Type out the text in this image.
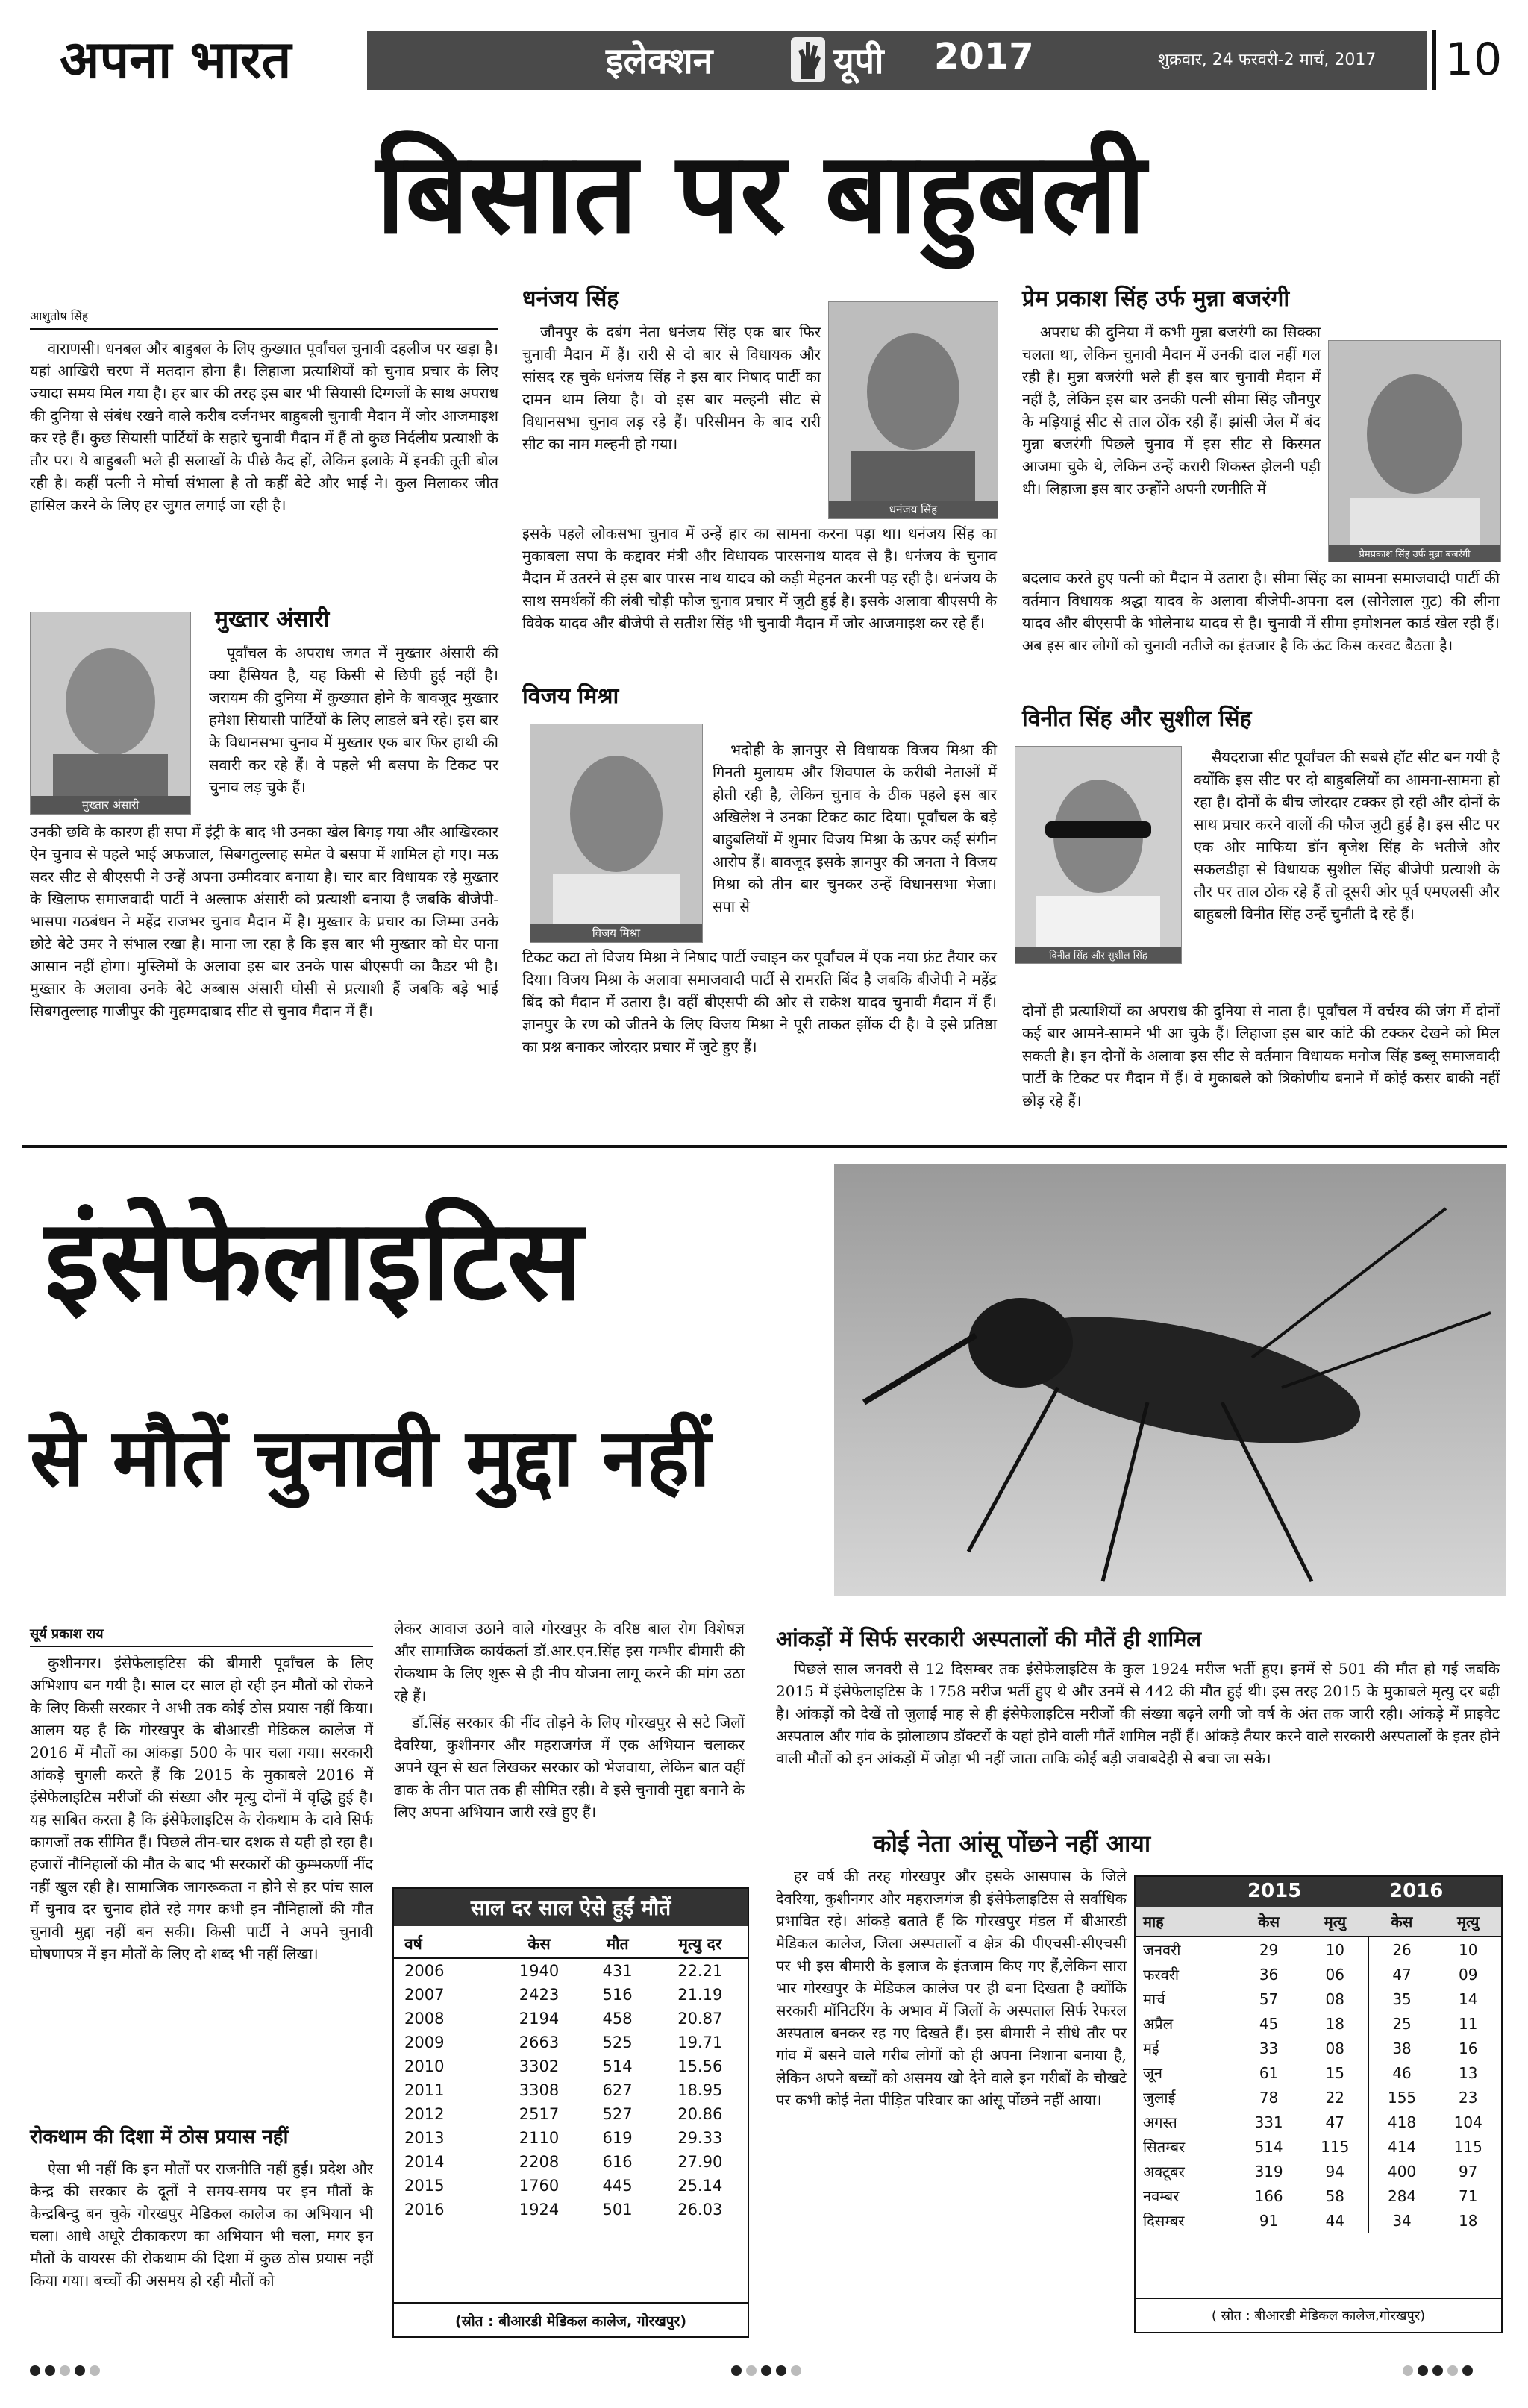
अपना भारत	इलेक्शन	यूपी 2017	शुक्रवार, 24 फरवरी-2 मार्च, 2017 10
बिसात पर बाहुबली
आशुतोष सिंह

वाराणसी। धनबल और बाहुबल के लिए कुख्यात पूर्वांचल चुनावी दहलीज पर खड़ा है। यहां आखिरी चरण में मतदान होना है। लिहाजा प्रत्याशियों को चुनाव प्रचार के लिए ज्यादा समय मिल गया है। हर बार की तरह इस बार भी सियासी दिग्गजों के साथ अपराध की दुनिया से संबंध रखने वाले करीब दर्जनभर बाहुबली चुनावी मैदान में जोर आजमाइश कर रहे हैं। कुछ सियासी पार्टियों के सहारे चुनावी मैदान में हैं तो कुछ निर्दलीय प्रत्याशी के तौर पर। ये बाहुबली भले ही सलाखों के पीछे कैद हों, लेकिन इलाके में इनकी तूती बोल रही है। कहीं पत्नी ने मोर्चा संभाला है तो कहीं बेटे और भाई ने। कुल मिलाकर जीत हासिल करने के लिए हर जुगत लगाई जा रही है।

मुख्तार अंसारी
मुख्तार अंसारी

पूर्वांचल के अपराध जगत में मुख्तार अंसारी की क्या हैसियत है, यह किसी से छिपी हुई नहीं है। जरायम की दुनिया में कुख्यात होने के बावजूद मुख्तार हमेशा सियासी पार्टियों के लिए लाडले बने रहे। इस बार के विधानसभा चुनाव में मुख्तार एक बार फिर हाथी की सवारी कर रहे हैं। वे पहले भी बसपा के टिकट पर चुनाव लड़ चुके हैं।

उनकी छवि के कारण ही सपा में इंट्री के बाद भी उनका खेल बिगड़ गया और आखिरकार ऐन चुनाव से पहले भाई अफजाल, सिबगतुल्लाह समेत वे बसपा में शामिल हो गए। मऊ सदर सीट से बीएसपी ने उन्हें अपना उम्मीदवार बनाया है। चार बार विधायक रहे मुख्तार के खिलाफ समाजवादी पार्टी ने अल्ताफ अंसारी को प्रत्याशी बनाया है जबकि बीजेपी-भासपा गठबंधन ने महेंद्र राजभर चुनाव मैदान में है। मुख्तार के प्रचार का जिम्मा उनके छोटे बेटे उमर ने संभाल रखा है। माना जा रहा है कि इस बार भी मुख्तार को घेर पाना आसान नहीं होगा। मुस्लिमों के अलावा इस बार उनके पास बीएसपी का कैडर भी है। मुख्तार के अलावा उनके बेटे अब्बास अंसारी घोसी से प्रत्याशी हैं जबकि बड़े भाई सिबगतुल्लाह गाजीपुर की मुहम्मदाबाद सीट से चुनाव मैदान में हैं।

धनंजय सिंह

जौनपुर के दबंग नेता धनंजय सिंह एक बार फिर चुनावी मैदान में हैं। रारी से दो बार से विधायक और सांसद रह चुके धनंजय सिंह ने इस बार निषाद पार्टी का दामन थाम लिया है। वो इस बार मल्हनी सीट से विधानसभा चुनाव लड़ रहे हैं। परिसीमन के बाद रारी सीट का नाम मल्हनी हो गया।

धनंजय सिंह

इसके पहले लोकसभा चुनाव में उन्हें हार का सामना करना पड़ा था। धनंजय सिंह का मुकाबला सपा के कद्दावर मंत्री और विधायक पारसनाथ यादव से है। धनंजय के चुनाव मैदान में उतरने से इस बार पारस नाथ यादव को कड़ी मेहनत करनी पड़ रही है। धनंजय के साथ समर्थकों की लंबी चौड़ी फौज चुनाव प्रचार में जुटी हुई है। इसके अलावा बीएसपी के विवेक यादव और बीजेपी से सतीश सिंह भी चुनावी मैदान में जोर आजमाइश कर रहे हैं।

विजय मिश्रा
विजय मिश्रा

भदोही के ज्ञानपुर से विधायक विजय मिश्रा की गिनती मुलायम और शिवपाल के करीबी नेताओं में होती रही है, लेकिन चुनाव के ठीक पहले इस बार अखिलेश ने उनका टिकट काट दिया। पूर्वांचल के बड़े बाहुबलियों में शुमार विजय मिश्रा के ऊपर कई संगीन आरोप हैं। बावजूद इसके ज्ञानपुर की जनता ने विजय मिश्रा को तीन बार चुनकर उन्हें विधानसभा भेजा। सपा से

टिकट कटा तो विजय मिश्रा ने निषाद पार्टी ज्वाइन कर पूर्वांचल में एक नया फ्रंट तैयार कर दिया। विजय मिश्रा के अलावा समाजवादी पार्टी से रामरति बिंद है जबकि बीजेपी ने महेंद्र बिंद को मैदान में उतारा है। वहीं बीएसपी की ओर से राकेश यादव चुनावी मैदान में हैं। ज्ञानपुर के रण को जीतने के लिए विजय मिश्रा ने पूरी ताकत झोंक दी है। वे इसे प्रतिष्ठा का प्रश्न बनाकर जोरदार प्रचार में जुटे हुए हैं।

प्रेम प्रकाश सिंह उर्फ मुन्ना बजरंगी

अपराध की दुनिया में कभी मुन्ना बजरंगी का सिक्का चलता था, लेकिन चुनावी मैदान में उनकी दाल नहीं गल रही है। मुन्ना बजरंगी भले ही इस बार चुनावी मैदान में नहीं है, लेकिन इस बार उनकी पत्नी सीमा सिंह जौनपुर के मड़ियाहूं सीट से ताल ठोंक रही हैं। झांसी जेल में बंद मुन्ना बजरंगी पिछले चुनाव में इस सीट से किस्मत आजमा चुके थे, लेकिन उन्हें करारी शिकस्त झेलनी पड़ी थी। लिहाजा इस बार उन्होंने अपनी रणनीति में

प्रेमप्रकाश सिंह उर्फ मुन्ना बजरंगी

बदलाव करते हुए पत्नी को मैदान में उतारा है। सीमा सिंह का सामना समाजवादी पार्टी की वर्तमान विधायक श्रद्धा यादव के अलावा बीजेपी-अपना दल (सोनेलाल गुट) की लीना यादव और बीएसपी के भोलेनाथ यादव से है। चुनावी में सीमा इमोशनल कार्ड खेल रही हैं। अब इस बार लोगों को चुनावी नतीजे का इंतजार है कि ऊंट किस करवट बैठता है।

विनीत सिंह और सुशील सिंह
विनीत सिंह और सुशील सिंह

सैयदराजा सीट पूर्वांचल की सबसे हॉट सीट बन गयी है क्योंकि इस सीट पर दो बाहुबलियों का आमना-सामना हो रहा है। दोनों के बीच जोरदार टक्कर हो रही और दोनों के साथ प्रचार करने वालों की फौज जुटी हुई है। इस सीट पर एक ओर माफिया डॉन बृजेश सिंह के भतीजे और सकलडीहा से विधायक सुशील सिंह बीजेपी प्रत्याशी के तौर पर ताल ठोक रहे हैं तो दूसरी ओर पूर्व एमएलसी और बाहुबली विनीत सिंह उन्हें चुनौती दे रहे हैं।

दोनों ही प्रत्याशियों का अपराध की दुनिया से नाता है। पूर्वांचल में वर्चस्व की जंग में दोनों कई बार आमने-सामने भी आ चुके हैं। लिहाजा इस बार कांटे की टक्कर देखने को मिल सकती है। इन दोनों के अलावा इस सीट से वर्तमान विधायक मनोज सिंह डब्लू समाजवादी पार्टी के टिकट पर मैदान में हैं। वे मुकाबले को त्रिकोणीय बनाने में कोई कसर बाकी नहीं छोड़ रहे हैं।

इंसेफेलाइटिस
से मौतें चुनावी मुद्दा नहीं
सूर्य प्रकाश राय

कुशीनगर। इंसेफेलाइटिस की बीमारी पूर्वांचल के लिए अभिशाप बन गयी है। साल दर साल हो रही इन मौतों को रोकने के लिए किसी सरकार ने अभी तक कोई ठोस प्रयास नहीं किया। आलम यह है कि गोरखपुर के बीआरडी मेडिकल कालेज में 2016 में मौतों का आंकड़ा 500 के पार चला गया। सरकारी आंकड़े चुगली करते हैं कि 2015 के मुकाबले 2016 में इंसेफेलाइटिस मरीजों की संख्या और मृत्यु दोनों में वृद्धि हुई है। यह साबित करता है कि इंसेफेलाइटिस के रोकथाम के दावे सिर्फ कागजों तक सीमित हैं। पिछले तीन-चार दशक से यही हो रहा है। हजारों नौनिहालों की मौत के बाद भी सरकारों की कुम्भकर्णी नींद नहीं खुल रही है। सामाजिक जागरूकता न होने से हर पांच साल में चुनाव दर चुनाव होते रहे मगर कभी इन नौनिहालों की मौत चुनावी मुद्दा नहीं बन सकी। किसी पार्टी ने अपने चुनावी घोषणापत्र में इन मौतों के लिए दो शब्द भी नहीं लिखा।

रोकथाम की दिशा में ठोस प्रयास नहीं

ऐसा भी नहीं कि इन मौतों पर राजनीति नहीं हुई। प्रदेश और केन्द्र की सरकार के दूतों ने समय-समय पर इन मौतों के केन्द्रबिन्दु बन चुके गोरखपुर मेडिकल कालेज का अभियान भी चला। आधे अधूरे टीकाकरण का अभियान भी चला, मगर इन मौतों के वायरस की रोकथाम की दिशा में कुछ ठोस प्रयास नहीं किया गया। बच्चों की असमय हो रही मौतों को

लेकर आवाज उठाने वाले गोरखपुर के वरिष्ठ बाल रोग विशेषज्ञ और सामाजिक कार्यकर्ता डॉ.आर.एन.सिंह इस गम्भीर बीमारी की रोकथाम के लिए शुरू से ही नीप योजना लागू करने की मांग उठा रहे हैं।

डॉ.सिंह सरकार की नींद तोड़ने के लिए गोरखपुर से सटे जिलों देवरिया, कुशीनगर और महराजगंज में एक अभियान चलाकर अपने खून से खत लिखकर सरकार को भेजवाया, लेकिन बात वहीं ढाक के तीन पात तक ही सीमित रही। वे इसे चुनावी मुद्दा बनाने के लिए अपना अभियान जारी रखे हुए हैं।

साल दर साल ऐसे हुईं मौतें
वर्ष	केस	मौत	मृत्यु दर
2006	1940	431	22.21
2007	2423	516	21.19
2008	2194	458	20.87
2009	2663	525	19.71
2010	3302	514	15.56
2011	3308	627	18.95
2012	2517	527	20.86
2013	2110	619	29.33
2014	2208	616	27.90
2015	1760	445	25.14
2016	1924	501	26.03
(स्रोत : बीआरडी मेडिकल कालेज, गोरखपुर)
आंकड़ों में सिर्फ सरकारी अस्पतालों की मौतें ही शामिल

पिछले साल जनवरी से 12 दिसम्बर तक इंसेफेलाइटिस के कुल 1924 मरीज भर्ती हुए। इनमें से 501 की मौत हो गई जबकि 2015 में इंसेफेलाइटिस के 1758 मरीज भर्ती हुए थे और उनमें से 442 की मौत हुई थी। इस तरह 2015 के मुकाबले मृत्यु दर बढ़ी है। आंकड़ों को देखें तो जुलाई माह से ही इंसेफेलाइटिस मरीजों की संख्या बढ़ने लगी जो वर्ष के अंत तक जारी रही। आंकड़े में प्राइवेट अस्पताल और गांव के झोलाछाप डॉक्टरों के यहां होने वाली मौतें शामिल नहीं हैं। आंकड़े तैयार करने वाले सरकारी अस्पतालों के इतर होने वाली मौतों को इन आंकड़ों में जोड़ा भी नहीं जाता ताकि कोई बड़ी जवाबदेही से बचा जा सके।

कोई नेता आंसू पोंछने नहीं आया

हर वर्ष की तरह गोरखपुर और इसके आसपास के जिले देवरिया, कुशीनगर और महराजगंज ही इंसेफेलाइटिस से सर्वाधिक प्रभावित रहे। आंकड़े बताते हैं कि गोरखपुर मंडल में बीआरडी मेडिकल कालेज, जिला अस्पतालों व क्षेत्र की पीएचसी-सीएचसी पर भी इस बीमारी के इलाज के इंतजाम किए गए हैं,लेकिन सारा भार गोरखपुर के मेडिकल कालेज पर ही बना दिखता है क्योंकि सरकारी मॉनिटरिंग के अभाव में जिलों के अस्पताल सिर्फ रेफरल अस्पताल बनकर रह गए दिखते हैं। इस बीमारी ने सीधे तौर पर गांव में बसने वाले गरीब लोगों को ही अपना निशाना बनाया है, लेकिन अपने बच्चों को असमय खो देने वाले इन गरीबों के चौखटे पर कभी कोई नेता पीड़ित परिवार का आंसू पोंछने नहीं आया।

2015	2016
माह	केस	मृत्यु	केस	मृत्यु
जनवरी	29	10	26	10
फरवरी	36	06	47	09
मार्च	57	08	35	14
अप्रैल	45	18	25	11
मई	33	08	38	16
जून	61	15	46	13
जुलाई	78	22	155	23
अगस्त	331	47	418	104
सितम्बर	514	115	414	115
अक्टूबर	319	94	400	97
नवम्बर	166	58	284	71
दिसम्बर	91	44	34	18
( स्रोत : बीआरडी मेडिकल कालेज,गोरखपुर)
